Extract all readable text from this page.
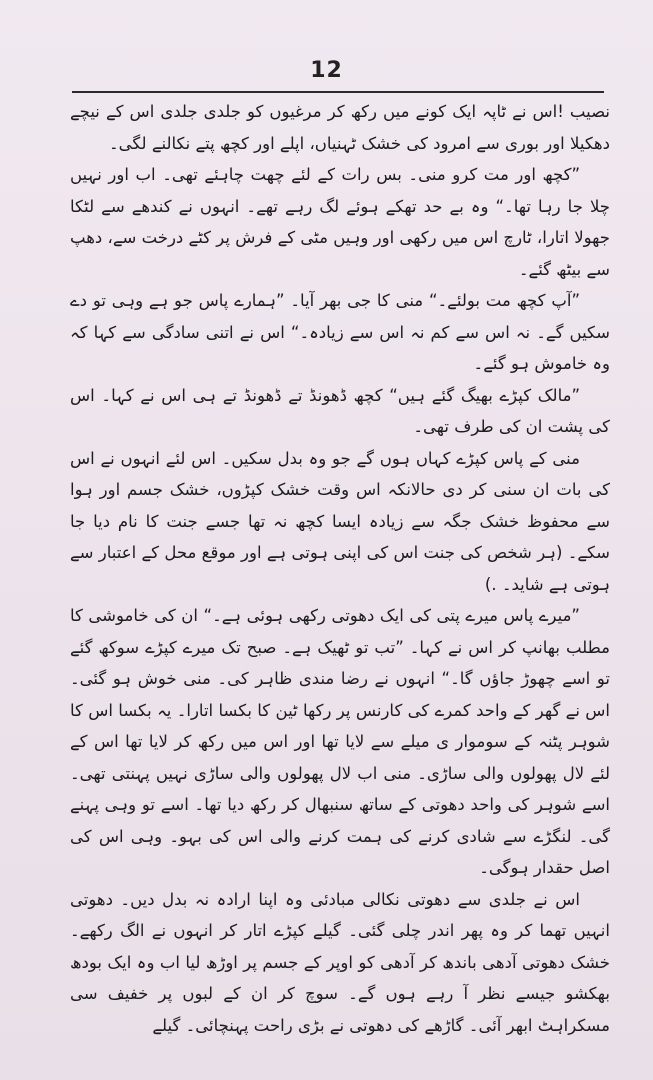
12

نصیب !اس نے ٹاپہ ایک کونے میں رکھ کر مرغیوں کو جلدی جلدی اس کے نیچے دھکیلا اور بوری سے امرود کی خشک ٹہنیاں، اپلے اور کچھ پتے نکالنے لگی۔

”کچھ اور مت کرو منی۔ بس رات کے لئے چھت چاہئے تھی۔ اب اور نہیں چلا جا رہا تھا۔“ وہ بے حد تھکے ہوئے لگ رہے تھے۔ انہوں نے کندھے سے لٹکا جھولا اتارا، ٹارچ اس میں رکھی اور وہیں مٹی کے فرش پر کٹے درخت سے، دھپ سے بیٹھ گئے۔

”آپ کچھ مت بولئے۔“ منی کا جی بھر آیا۔ ”ہمارے پاس جو ہے وہی تو دے سکیں گے۔ نہ اس سے کم نہ اس سے زیادہ۔“ اس نے اتنی سادگی سے کہا کہ وہ خاموش ہو گئے۔

”مالک کپڑے بھیگ گئے ہیں“ کچھ ڈھونڈ تے ڈھونڈ تے ہی اس نے کہا۔ اس کی پشت ان کی طرف تھی۔

منی کے پاس کپڑے کہاں ہوں گے جو وہ بدل سکیں۔ اس لئے انہوں نے اس کی بات ان سنی کر دی حالانکہ اس وقت خشک کپڑوں، خشک جسم اور ہوا سے محفوظ خشک جگہ سے زیادہ ایسا کچھ نہ تھا جسے جنت کا نام دیا جا سکے۔ (ہر شخص کی جنت اس کی اپنی ہوتی ہے اور موقع محل کے اعتبار سے ہوتی ہے شاید۔ .)

”میرے پاس میرے پتی کی ایک دھوتی رکھی ہوئی ہے۔“ ان کی خاموشی کا مطلب بھانپ کر اس نے کہا۔ ”تب تو ٹھیک ہے۔ صبح تک میرے کپڑے سوکھ گئے تو اسے چھوڑ جاؤں گا۔“ انہوں نے رضا مندی ظاہر کی۔ منی خوش ہو گئی۔ اس نے گھر کے واحد کمرے کی کارنس پر رکھا ٹین کا بکسا اتارا۔ یہ بکسا اس کا شوہر پٹنہ کے سوموار ی میلے سے لایا تھا اور اس میں رکھ کر لایا تھا اس کے لئے لال پھولوں والی ساڑی۔ منی اب لال پھولوں والی ساڑی نہیں پہنتی تھی۔ اسے شوہر کی واحد دھوتی کے ساتھ سنبھال کر رکھ دیا تھا۔ اسے تو وہی پہنے گی۔ لنگڑے سے شادی کرنے کی ہمت کرنے والی اس کی بہو۔ وہی اس کی اصل حقدار ہوگی۔

اس نے جلدی سے دھوتی نکالی مبادئی وہ اپنا ارادہ نہ بدل دیں۔ دھوتی انہیں تھما کر وہ پھر اندر چلی گئی۔ گیلے کپڑے اتار کر انہوں نے الگ رکھے۔ خشک دھوتی آدھی باندھ کر آدھی کو اوپر کے جسم پر اوڑھ لیا اب وہ ایک بودھ بھکشو جیسے نظر آ رہے ہوں گے۔ سوچ کر ان کے لبوں پر خفیف سی مسکراہٹ ابھر آئی۔ گاڑھے کی دھوتی نے بڑی راحت پہنچائی۔ گیلے
